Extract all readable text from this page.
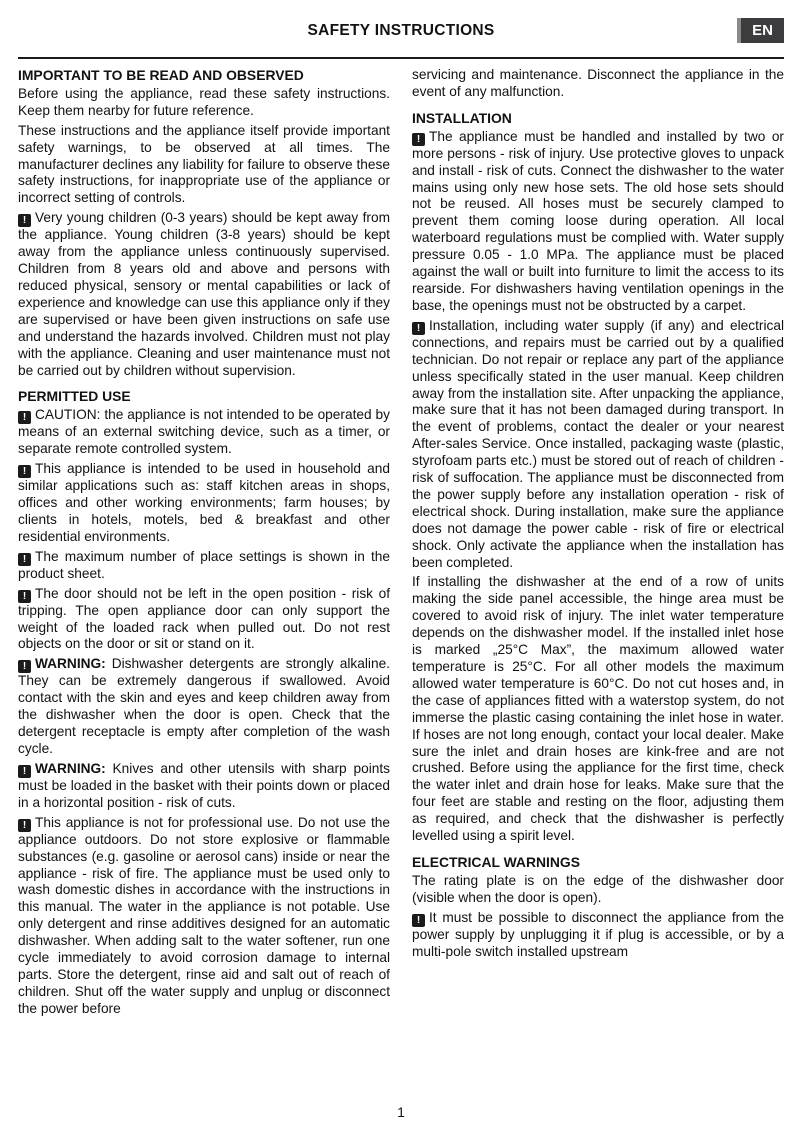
SAFETY INSTRUCTIONS	EN
IMPORTANT TO BE READ AND OBSERVED

Before using the appliance, read these safety instructions. Keep them nearby for future reference.

These instructions and the appliance itself provide important safety warnings, to be observed at all times. The manufacturer declines any liability for failure to observe these safety instructions, for inappropriate use of the appliance or incorrect setting of controls.

! Very young children (0-3 years) should be kept away from the appliance. Young children (3-8 years) should be kept away from the appliance unless continuously supervised. Children from 8 years old and above and persons with reduced physical, sensory or mental capabilities or lack of experience and knowledge can use this appliance only if they are supervised or have been given instructions on safe use and understand the hazards involved. Children must not play with the appliance. Cleaning and user maintenance must not be carried out by children without supervision.

PERMITTED USE

! CAUTION: the appliance is not intended to be operated by means of an external switching device, such as a timer, or separate remote controlled system.

! This appliance is intended to be used in household and similar applications such as: staff kitchen areas in shops, offices and other working environments; farm houses; by clients in hotels, motels, bed & breakfast and other residential environments.

! The maximum number of place settings is shown in the product sheet.

! The door should not be left in the open position - risk of tripping. The open appliance door can only support the weight of the loaded rack when pulled out. Do not rest objects on the door or sit or stand on it.

! WARNING: Dishwasher detergents are strongly alkaline. They can be extremely dangerous if swallowed. Avoid contact with the skin and eyes and keep children away from the dishwasher when the door is open. Check that the detergent receptacle is empty after completion of the wash cycle.

! WARNING: Knives and other utensils with sharp points must be loaded in the basket with their points down or placed in a horizontal position - risk of cuts.

! This appliance is not for professional use. Do not use the appliance outdoors. Do not store explosive or flammable substances (e.g. gasoline or aerosol cans) inside or near the appliance - risk of fire. The appliance must be used only to wash domestic dishes in accordance with the instructions in this manual. The water in the appliance is not potable. Use only detergent and rinse additives designed for an automatic dishwasher. When adding salt to the water softener, run one cycle immediately to avoid corrosion damage to internal parts. Store the detergent, rinse aid and salt out of reach of children. Shut off the water supply and unplug or disconnect the power before

servicing and maintenance. Disconnect the appliance in the event of any malfunction.

INSTALLATION

! The appliance must be handled and installed by two or more persons - risk of injury. Use protective gloves to unpack and install - risk of cuts. Connect the dishwasher to the water mains using only new hose sets. The old hose sets should not be reused. All hoses must be securely clamped to prevent them coming loose during operation. All local waterboard regulations must be complied with. Water supply pressure 0.05 - 1.0 MPa. The appliance must be placed against the wall or built into furniture to limit the access to its rearside. For dishwashers having ventilation openings in the base, the openings must not be obstructed by a carpet.

! Installation, including water supply (if any) and electrical connections, and repairs must be carried out by a qualified technician. Do not repair or replace any part of the appliance unless specifically stated in the user manual. Keep children away from the installation site. After unpacking the appliance, make sure that it has not been damaged during transport. In the event of problems, contact the dealer or your nearest After-sales Service. Once installed, packaging waste (plastic, styrofoam parts etc.) must be stored out of reach of children - risk of suffocation. The appliance must be disconnected from the power supply before any installation operation - risk of electrical shock. During installation, make sure the appliance does not damage the power cable - risk of fire or electrical shock. Only activate the appliance when the installation has been completed.

If installing the dishwasher at the end of a row of units making the side panel accessible, the hinge area must be covered to avoid risk of injury. The inlet water temperature depends on the dishwasher model. If the installed inlet hose is marked „25°C Max”, the maximum allowed water temperature is 25°C. For all other models the maximum allowed water temperature is 60°C. Do not cut hoses and, in the case of appliances fitted with a waterstop system, do not immerse the plastic casing containing the inlet hose in water. If hoses are not long enough, contact your local dealer. Make sure the inlet and drain hoses are kink-free and are not crushed. Before using the appliance for the first time, check the water inlet and drain hose for leaks. Make sure that the four feet are stable and resting on the floor, adjusting them as required, and check that the dishwasher is perfectly levelled using a spirit level.

ELECTRICAL WARNINGS

The rating plate is on the edge of the dishwasher door (visible when the door is open).

! It must be possible to disconnect the appliance from the power supply by unplugging it if plug is accessible, or by a multi-pole switch installed upstream

1
